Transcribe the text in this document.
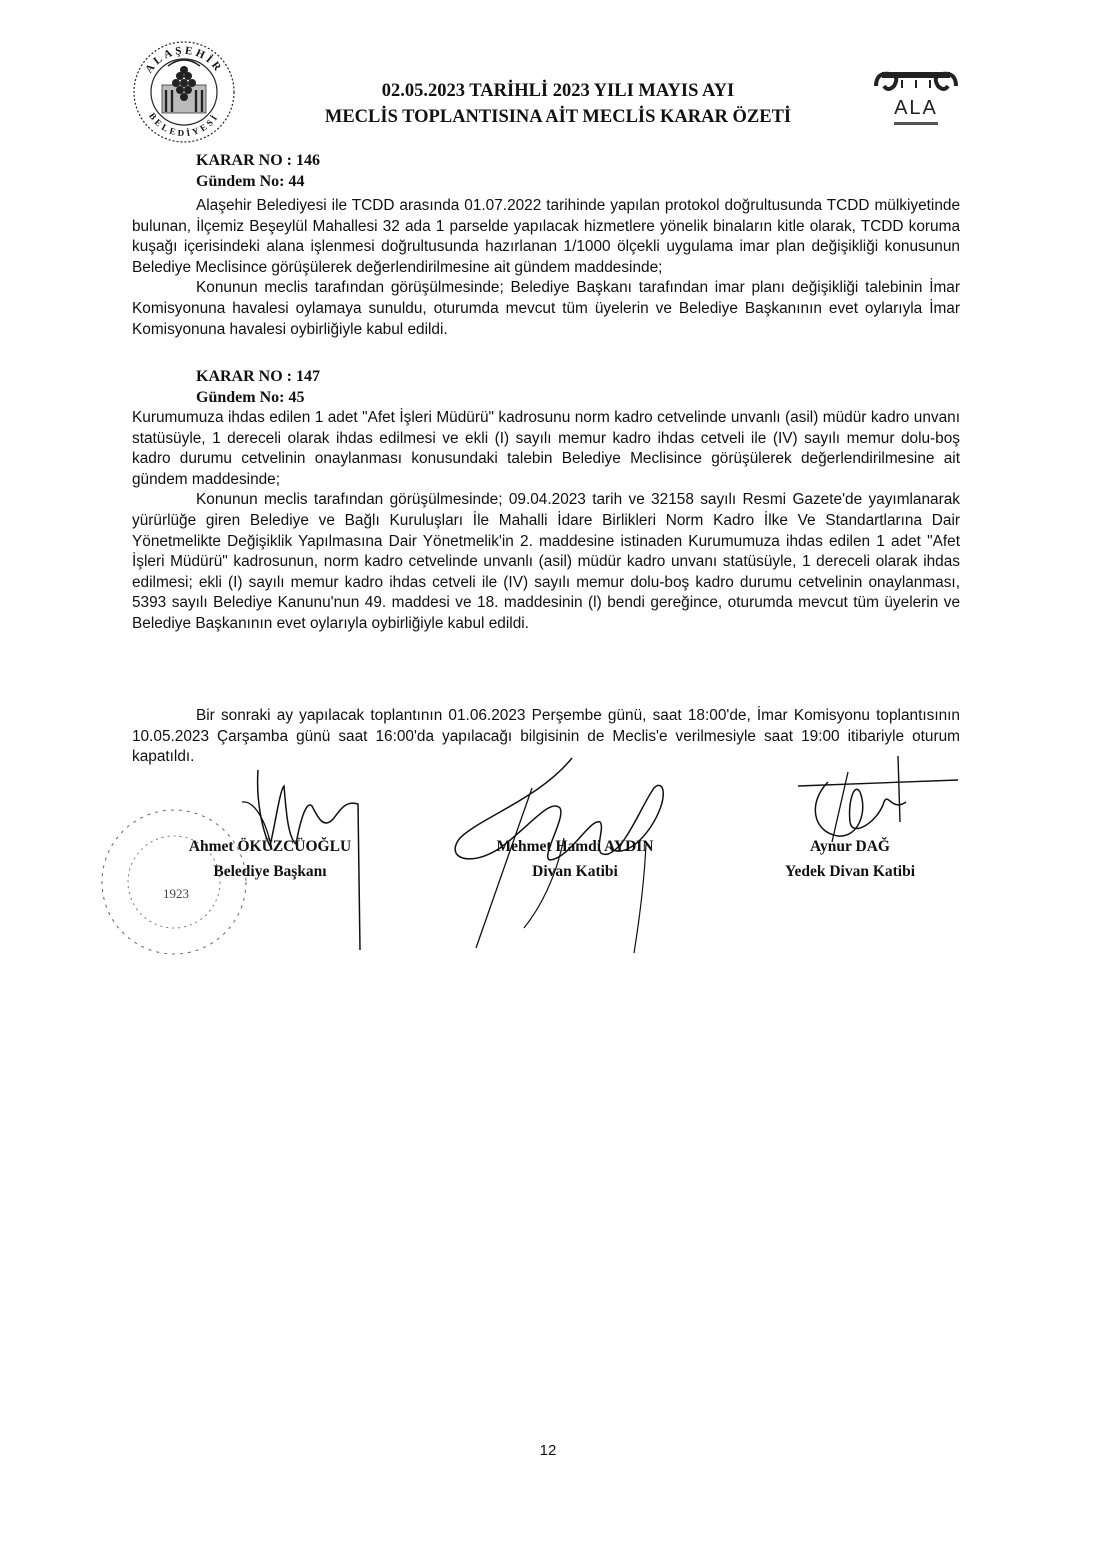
ALAŞEHİR
BELEDİYESİ
02.05.2023 TARİHLİ 2023 YILI MAYIS AYI
MECLİS TOPLANTISINA AİT MECLİS KARAR ÖZETİ	ALA
KARAR NO : 146
Gündem No: 44

Alaşehir Belediyesi ile TCDD arasında 01.07.2022 tarihinde yapılan protokol doğrultusunda TCDD mülkiyetinde bulunan, İlçemiz Beşeylül Mahallesi 32 ada 1 parselde yapılacak hizmetlere yönelik binaların kitle olarak, TCDD koruma kuşağı içerisindeki alana işlenmesi doğrultusunda hazırlanan 1/1000 ölçekli uygulama imar plan değişikliği konusunun Belediye Meclisince görüşülerek değerlendirilmesine ait gündem maddesinde;

Konunun meclis tarafından görüşülmesinde; Belediye Başkanı tarafından imar planı değişikliği talebinin İmar Komisyonuna havalesi oylamaya sunuldu, oturumda mevcut tüm üyelerin ve Belediye Başkanının evet oylarıyla İmar Komisyonuna havalesi oybirliğiyle kabul edildi.

KARAR NO : 147
Gündem No: 45

Kurumumuza ihdas edilen 1 adet "Afet İşleri Müdürü" kadrosunu norm kadro cetvelinde unvanlı (asil) müdür kadro unvanı statüsüyle, 1 dereceli olarak ihdas edilmesi ve ekli (I) sayılı memur kadro ihdas cetveli ile (IV) sayılı memur dolu-boş kadro durumu cetvelinin onaylanması konusundaki talebin Belediye Meclisince görüşülerek değerlendirilmesine ait gündem maddesinde;

Konunun meclis tarafından görüşülmesinde; 09.04.2023 tarih ve 32158 sayılı Resmi Gazete'de yayımlanarak yürürlüğe giren Belediye ve Bağlı Kuruluşları İle Mahalli İdare Birlikleri Norm Kadro İlke Ve Standartlarına Dair Yönetmelikte Değişiklik Yapılmasına Dair Yönetmelik'in 2. maddesine istinaden Kurumumuza ihdas edilen 1 adet "Afet İşleri Müdürü" kadrosunun, norm kadro cetvelinde unvanlı (asil) müdür kadro unvanı statüsüyle, 1 dereceli olarak ihdas edilmesi; ekli (I) sayılı memur kadro ihdas cetveli ile (IV) sayılı memur dolu-boş kadro durumu cetvelinin onaylanması, 5393 sayılı Belediye Kanunu'nun 49. maddesi ve 18. maddesinin (l) bendi gereğince, oturumda mevcut tüm üyelerin ve Belediye Başkanının evet oylarıyla oybirliğiyle kabul edildi.

Bir sonraki ay yapılacak toplantının 01.06.2023 Perşembe günü, saat 18:00'de, İmar Komisyonu toplantısının 10.05.2023 Çarşamba günü saat 16:00'da yapılacağı bilgisinin de Meclis'e verilmesiyle saat 19:00 itibariyle oturum kapatıldı.

1923
Ahmet ÖKÜZCÜOĞLU
Belediye Başkanı
Mehmet Hamdi AYDIN
Divan Katibi
Aynur DAĞ
Yedek Divan Katibi
12
